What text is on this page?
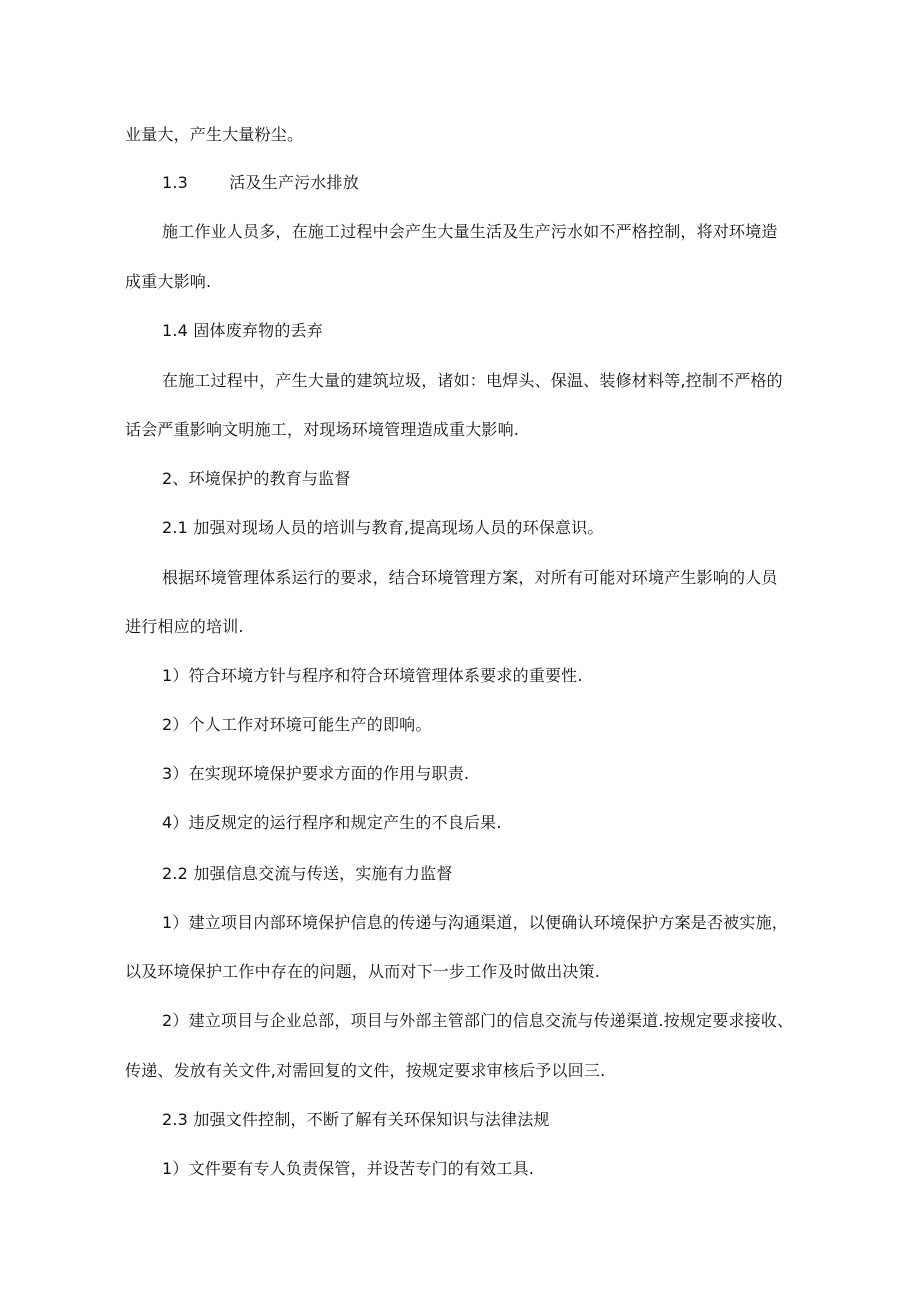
业量大，产生大量粉尘。
1.3	活及生产污水排放
施工作业人员多，在施工过程中会产生大量生活及生产污水如不严格控制，将对环境造
成重大影响.
1.4 固体废弃物的丢弃
在施工过程中，产生大量的建筑垃圾，诸如：电焊头、保温、装修材料等,控制不严格的
话会严重影响文明施工，对现场环境管理造成重大影响.
2、环境保护的教育与监督
2.1 加强对现场人员的培训与教育,提高现场人员的环保意识。
根据环境管理体系运行的要求，结合环境管理方案，对所有可能对环境产生影响的人员
进行相应的培训.
1）符合环境方针与程序和符合环境管理体系要求的重要性.
2）个人工作对环境可能生产的即响。
3）在实现环境保护要求方面的作用与职责.
4）违反规定的运行程序和规定产生的不良后果.
2.2 加强信息交流与传送，实施有力监督
1）建立项目内部环境保护信息的传递与沟通渠道，以便确认环境保护方案是否被实施，
以及环境保护工作中存在的问题，从而对下一步工作及时做出决策.
2）建立项目与企业总部，项目与外部主管部门的信息交流与传递渠道.按规定要求接收、
传递、发放有关文件,对需回复的文件，按规定要求审核后予以回三.
2.3 加强文件控制，不断了解有关环保知识与法律法规
1）文件要有专人负责保管，并设苦专门的有效工具.
